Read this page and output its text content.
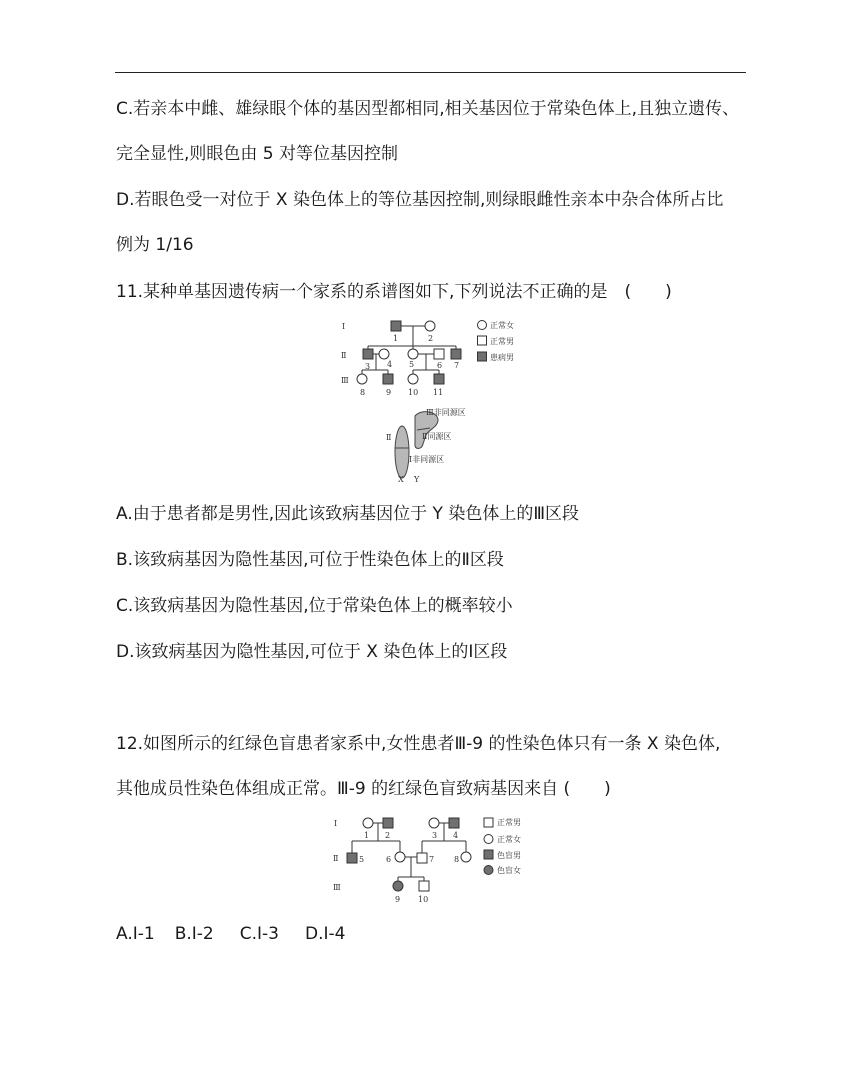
C.若亲本中雌、雄绿眼个体的基因型都相同,相关基因位于常染色体上,且独立遗传、
完全显性,则眼色由 5 对等位基因控制
D.若眼色受一对位于 X 染色体上的等位基因控制,则绿眼雌性亲本中杂合体所占比
例为 1/16
11.某种单基因遗传病一个家系的系谱图如下,下列说法不正确的是　(　　)
Ⅰ
Ⅱ
Ⅲ
1	2
3 4 5	6 7
8	9 10 11
正常女
正常男
患病男
Ⅲ非同源区
Ⅱ同源区
Ⅰ非同源区
Ⅱ
X Y
A.由于患者都是男性,因此该致病基因位于 Y 染色体上的Ⅲ区段
B.该致病基因为隐性基因,可位于性染色体上的Ⅱ区段
C.该致病基因为隐性基因,位于常染色体上的概率较小
D.该致病基因为隐性基因,可位于 X 染色体上的Ⅰ区段
12.如图所示的红绿色盲患者家系中,女性患者Ⅲ-9 的性染色体只有一条 X 染色体,
其他成员性染色体组成正常。Ⅲ-9 的红绿色盲致病基因来自 (　　)
Ⅰ
Ⅱ
Ⅲ
1 2	3 4
5	6	7 8
9 10
正常男
正常女
色盲男
色盲女
A.Ⅰ-1 B.Ⅰ-2 C.Ⅰ-3 D.Ⅰ-4
